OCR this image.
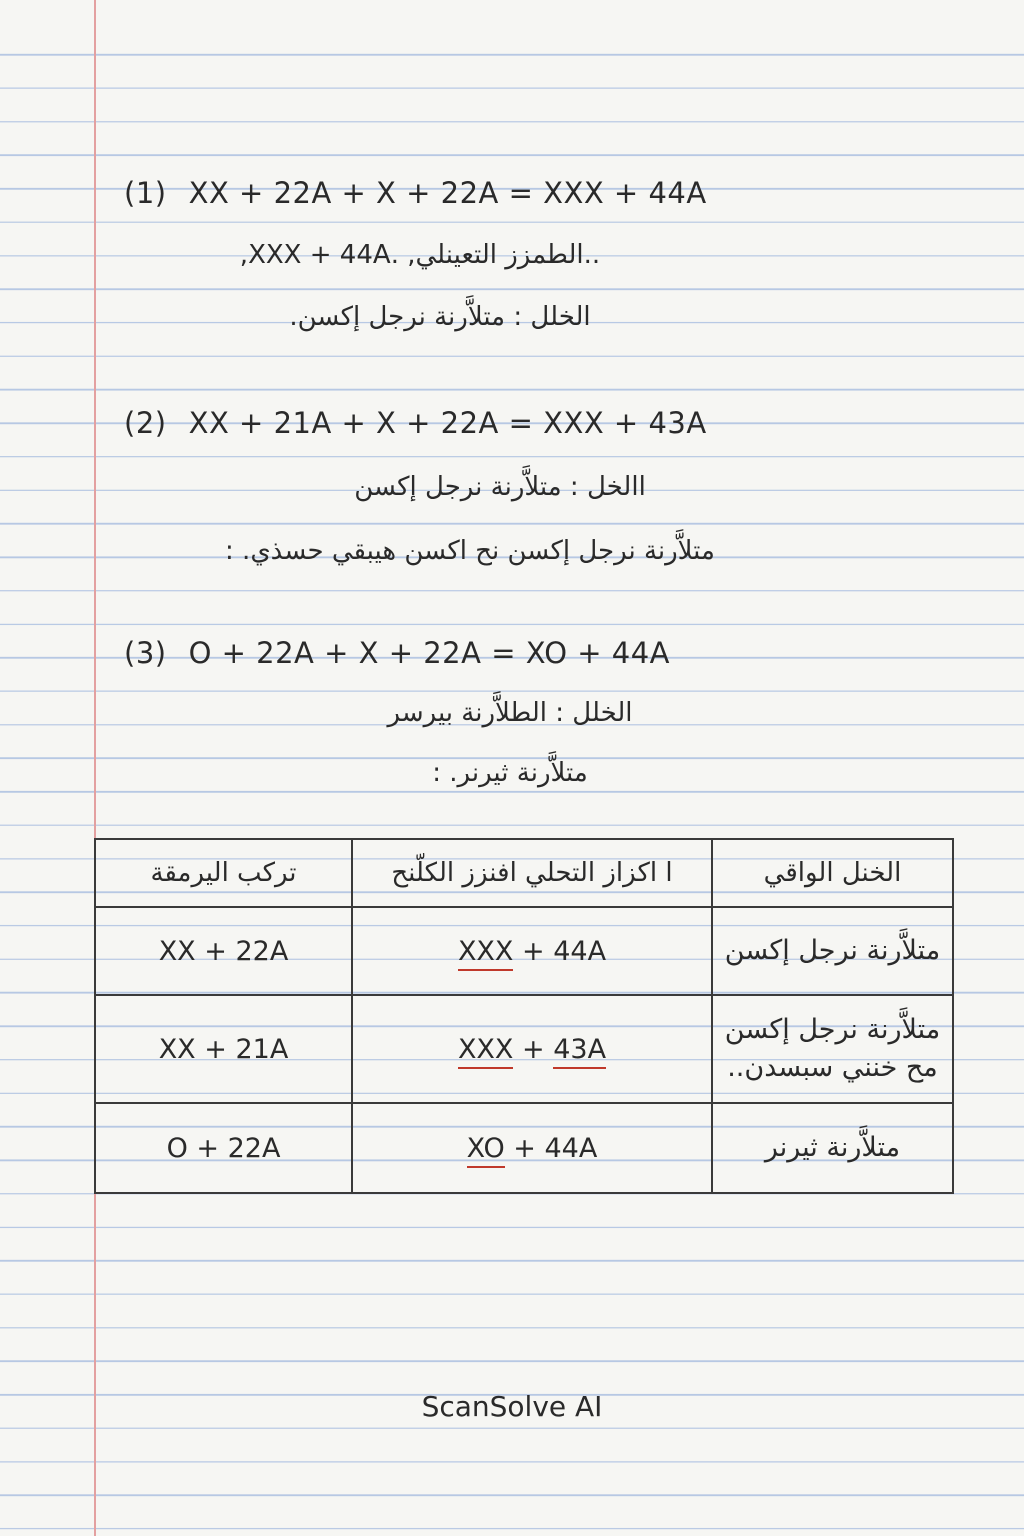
(1) XX + 22A + X + 22A = XXX + 44A
..الطمزز التعينلي, .XXX + 44A,
الخلل : متلاَّرنة نرجل إكسن.
(2) XX + 21A + X + 22A = XXX + 43A
االخل : متلاَّرنة نرجل إكسن
متلاَّرنة نرجل إكسن نح اكسن هيبقي حسذي. :
(3) O + 22A + X + 22A = XO + 44A
الخلل : الطلاَّرنة بيرسر
متلاَّرنة ثيرنر. :
تركب اليرمقة	ا اكزاز التحلي افنزز الكلّنح	الخنل الواقي
XX + 22A	XXX + 44A	متلاَّرنة نرجل إكسن
XX + 21A	XXX + 43A	متلاَّرنة نرجل إكسن
مح خنني سبسدن..

O + 22A	XO + 44A	متلاَّرنة ثيرنر
ScanSolve AI
